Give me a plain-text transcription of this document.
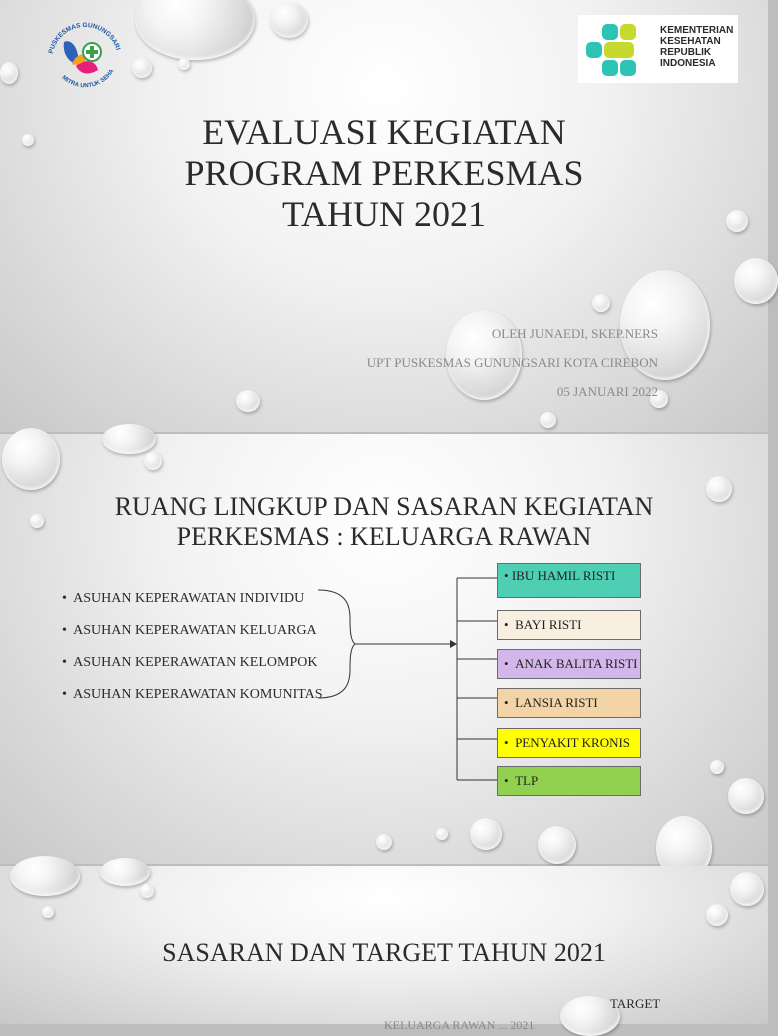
PUSKESMAS GUNUNGSARI
MITRA UNTUK SEHA
KEMENTERIAN
KESEHATAN
REPUBLIK
INDONESIA
EVALUASI KEGIATAN
PROGRAM PERKESMAS
TAHUN 2021
OLEH JUNAEDI, SKEP.NERS
UPT PUSKESMAS GUNUNGSARI KOTA CIREBON
05 JANUARI 2022
RUANG LINGKUP DAN SASARAN KEGIATAN
PERKESMAS : KELUARGA RAWAN
•  ASUHAN KEPERAWATAN INDIVIDU
•  ASUHAN KEPERAWATAN KELUARGA
•  ASUHAN KEPERAWATAN KELOMPOK
•  ASUHAN KEPERAWATAN KOMUNITAS
• IBU HAMIL RISTI
• BAYI RISTI
• ANAK BALITA RISTI
• LANSIA RISTI
• PENYAKIT KRONIS
• TLP
SASARAN DAN TARGET TAHUN 2021
TARGET
KELUARGA RAWAN ... 2021
